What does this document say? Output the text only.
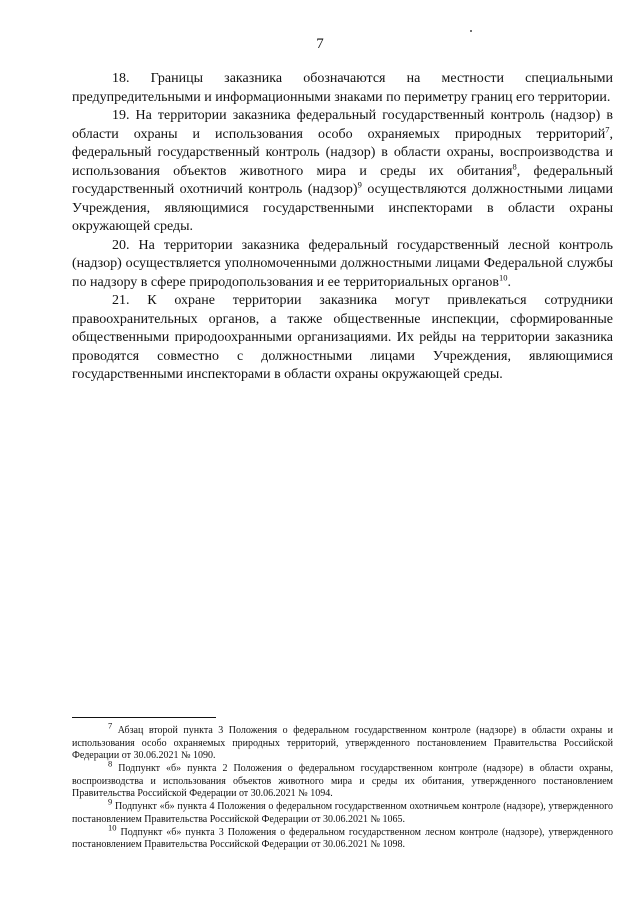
7

18. Границы заказника обозначаются на местности специальными предупредительными и информационными знаками по периметру границ его территории.

19. На территории заказника федеральный государственный контроль (надзор) в области охраны и использования особо охраняемых природных территорий$^7$, федеральный государственный контроль (надзор) в области охраны, воспроизводства и использования объектов животного мира и среды их обитания$^8$, федеральный государственный охотничий контроль (надзор)$^9$ осуществляются должностными лицами Учреждения, являющимися государственными инспекторами в области охраны окружающей среды.

20. На территории заказника федеральный государственный лесной контроль (надзор) осуществляется уполномоченными должностными лицами Федеральной службы по надзору в сфере природопользования и ее территориальных органов$^{10}$.

21. К охране территории заказника могут привлекаться сотрудники правоохранительных органов, а также общественные инспекции, сформированные общественными природоохранными организациями. Их рейды на территории заказника проводятся совместно с должностными лицами Учреждения, являющимися государственными инспекторами в области охраны окружающей среды.

$^7$ Абзац второй пункта 3 Положения о федеральном государственном контроле (надзоре) в области охраны и использования особо охраняемых природных территорий, утвержденного постановлением Правительства Российской Федерации от 30.06.2021 № 1090.

$^8$ Подпункт «б» пункта 2 Положения о федеральном государственном контроле (надзоре) в области охраны, воспроизводства и использования объектов животного мира и среды их обитания, утвержденного постановлением Правительства Российской Федерации от 30.06.2021 № 1094.

$^9$ Подпункт «б» пункта 4 Положения о федеральном государственном охотничьем контроле (надзоре), утвержденного постановлением Правительства Российской Федерации от 30.06.2021 № 1065.

$^{10}$ Подпункт «б» пункта 3 Положения о федеральном государственном лесном контроле (надзоре), утвержденного постановлением Правительства Российской Федерации от 30.06.2021 № 1098.
